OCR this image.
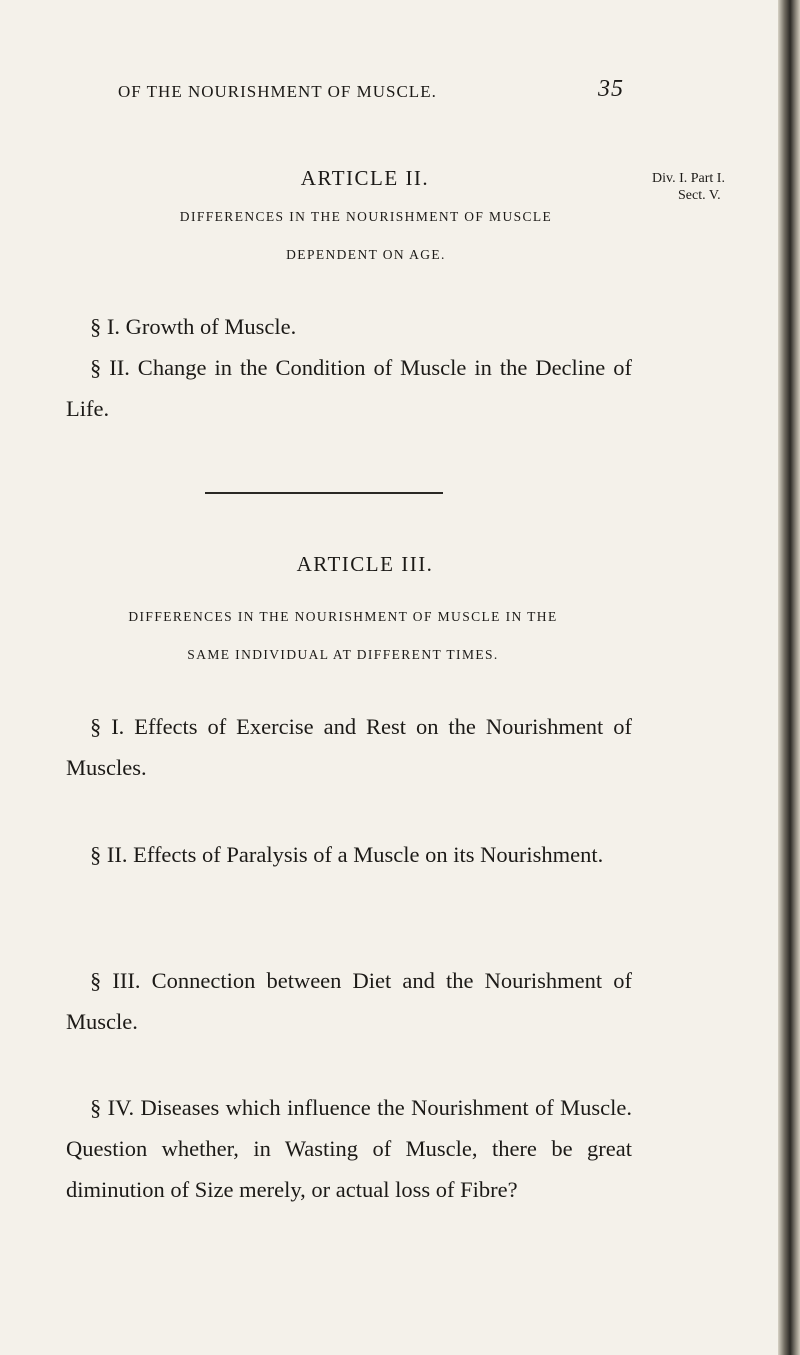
OF THE NOURISHMENT OF MUSCLE.	35
Div. I. Part I.
Sect. V.
ARTICLE II.
DIFFERENCES IN THE NOURISHMENT OF MUSCLE
DEPENDENT ON AGE.
§ I. Growth of Muscle.
§ II. Change in the Condition of Muscle in the Decline of Life.
ARTICLE III.
DIFFERENCES IN THE NOURISHMENT OF MUSCLE IN THE
SAME INDIVIDUAL AT DIFFERENT TIMES.
§ I. Effects of Exercise and Rest on the Nourishment of Muscles.
§ II. Effects of Paralysis of a Muscle on its Nourishment.
§ III. Connection between Diet and the Nourishment of Muscle.
§ IV. Diseases which influence the Nourishment of Muscle. Question whether, in Wasting of Muscle, there be great diminution of Size merely, or actual loss of Fibre?
